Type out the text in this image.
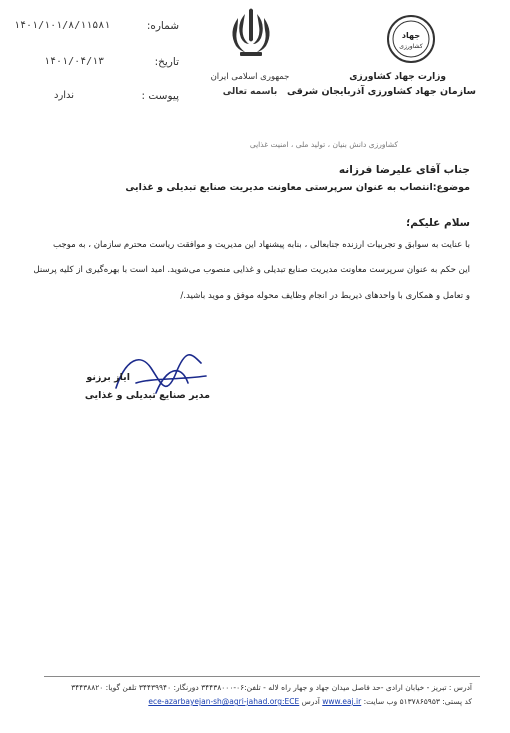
۱۴۰۱/۱۰۱/۸/۱۱۵۸۱	شماره:
۱۴۰۱/۰۴/۱۳	تاریخ:
ندارد	پیوست :
جمهوری اسلامی ایران
باسمه تعالی
جهاد
کشاورزی
وزارت جهاد کشاورزی
سازمان جهاد کشاورزی آذربایجان شرقی
کشاورزی دانش بنیان ، تولید ملی ، امنیت غذایی
جناب آقای علیرضا فرزانه
موضوع:انتصاب به عنوان سرپرستی معاونت مدیریت صنایع تبدیلی و غذایی
سلام علیکم؛
با عنایت به سوابق و تجربیات ارزنده جنابعالی ، بنابه پیشنهاد این مدیریت و موافقت ریاست محترم سازمان ، به موجب
این حکم به عنوان سرپرست معاونت مدیریت صنایع تبدیلی و غذایی منصوب می‌شوید. امید است با بهره‌گیری از کلیه پرسنل
و تعامل و همکاری با واحدهای ذیربط در انجام وظایف محوله موفق و موید باشید./
ایاز برزنو
مدیر صنایع تبدیلی و غذایی
آدرس : تبریز - خیابان ارادی -حد فاصل میدان جهاد و جهار راه لاله - تلفن:۰۶-۳۴۴۳۸۰۰۰ دورنگار: ۳۴۴۳۹۹۴۰ تلفن گویا: ۳۴۴۳۸۸۲۰
کد پستی: ۵۱۳۷۸۶۵۹۵۳ وب سایت: www.eaj.ir آدرس ece-azarbayejan-sh@agri-jahad.org:ECE
